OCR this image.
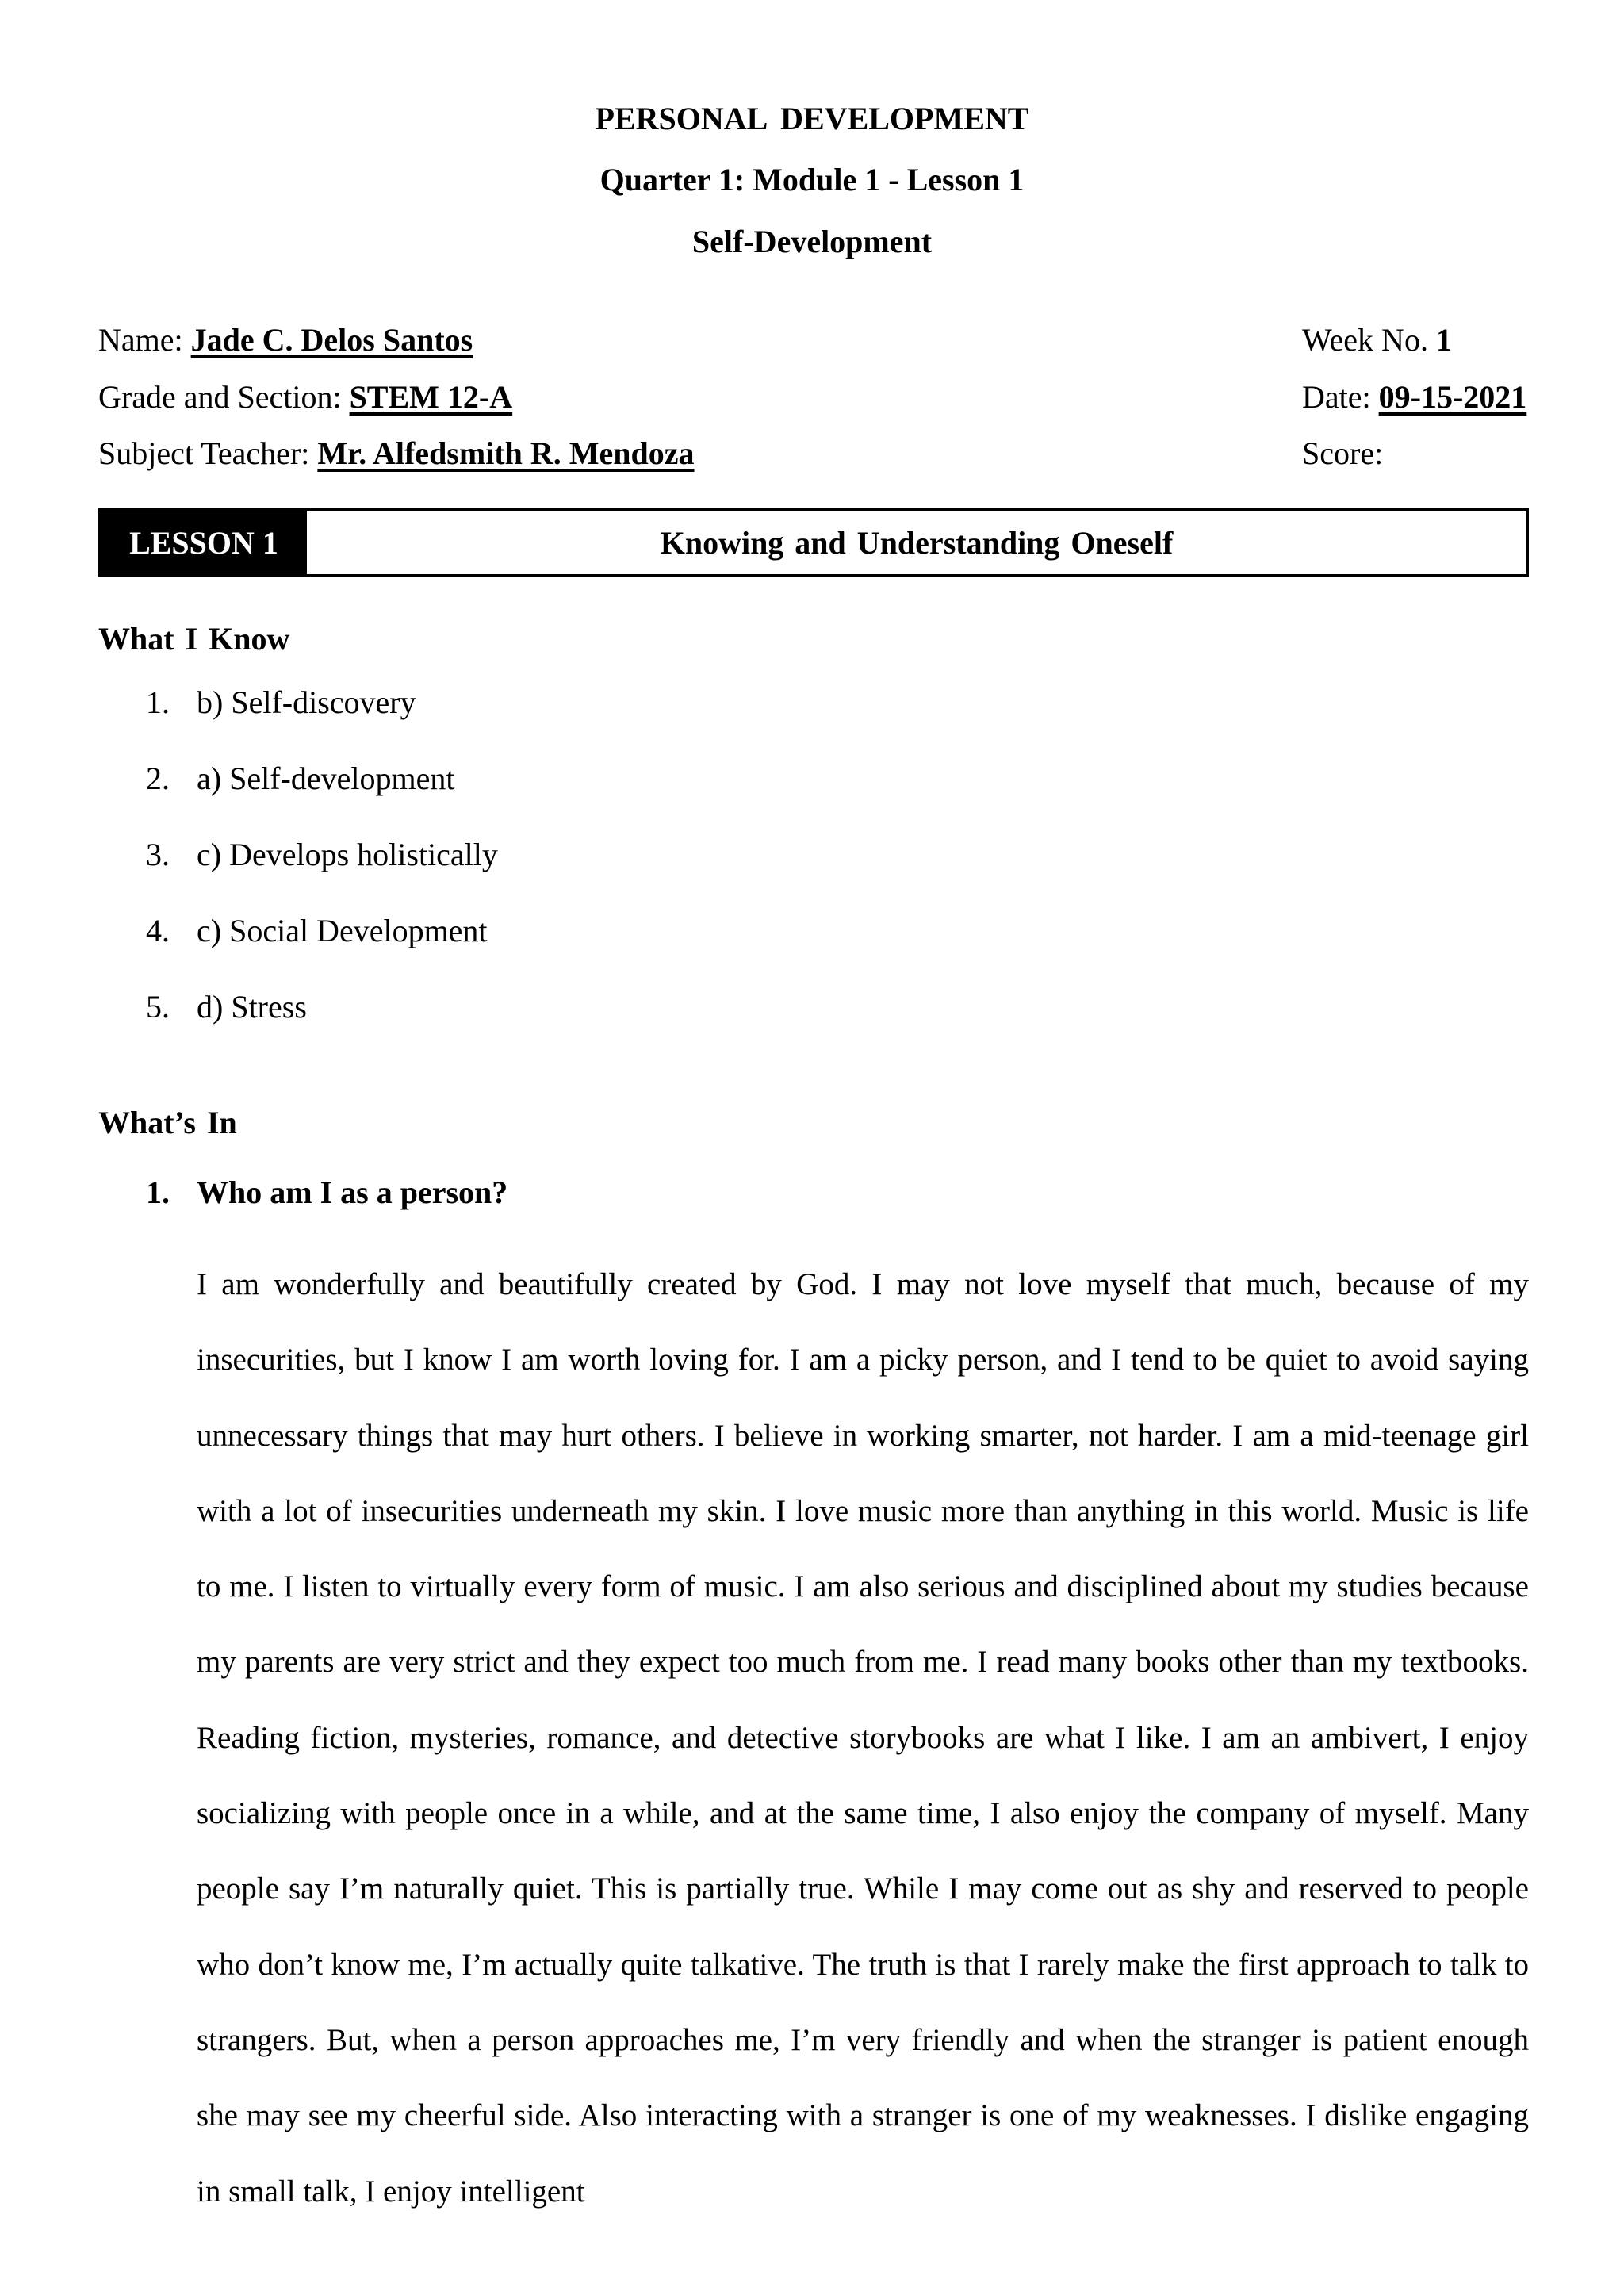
PERSONAL DEVELOPMENT
Quarter 1: Module 1 - Lesson 1
Self-Development
Name: Jade C. Delos Santos
Grade and Section: STEM 12-A
Subject Teacher: Mr. Alfedsmith R. Mendoza
Week No. 1
Date: 09-15-2021
Score:
LESSON 1	Knowing and Understanding Oneself
What I Know
1. b) Self-discovery
2. a) Self-development
3. c) Develops holistically
4. c) Social Development
5. d) Stress
What’s In
1. Who am I as a person?

I am wonderfully and beautifully created by God. I may not love myself that much, because of my insecurities, but I know I am worth loving for. I am a picky person, and I tend to be quiet to avoid saying unnecessary things that may hurt others. I believe in working smarter, not harder. I am a mid-teenage girl with a lot of insecurities underneath my skin. I love music more than anything in this world. Music is life to me. I listen to virtually every form of music. I am also serious and disciplined about my studies because my parents are very strict and they expect too much from me. I read many books other than my textbooks. Reading fiction, mysteries, romance, and detective storybooks are what I like. I am an ambivert, I enjoy socializing with people once in a while, and at the same time, I also enjoy the company of myself. Many people say I’m naturally quiet. This is partially true. While I may come out as shy and reserved to people who don’t know me, I’m actually quite talkative. The truth is that I rarely make the first approach to talk to strangers. But, when a person approaches me, I’m very friendly and when the stranger is patient enough she may see my cheerful side. Also interacting with a stranger is one of my weaknesses. I dislike engaging in small talk, I enjoy intelligent
